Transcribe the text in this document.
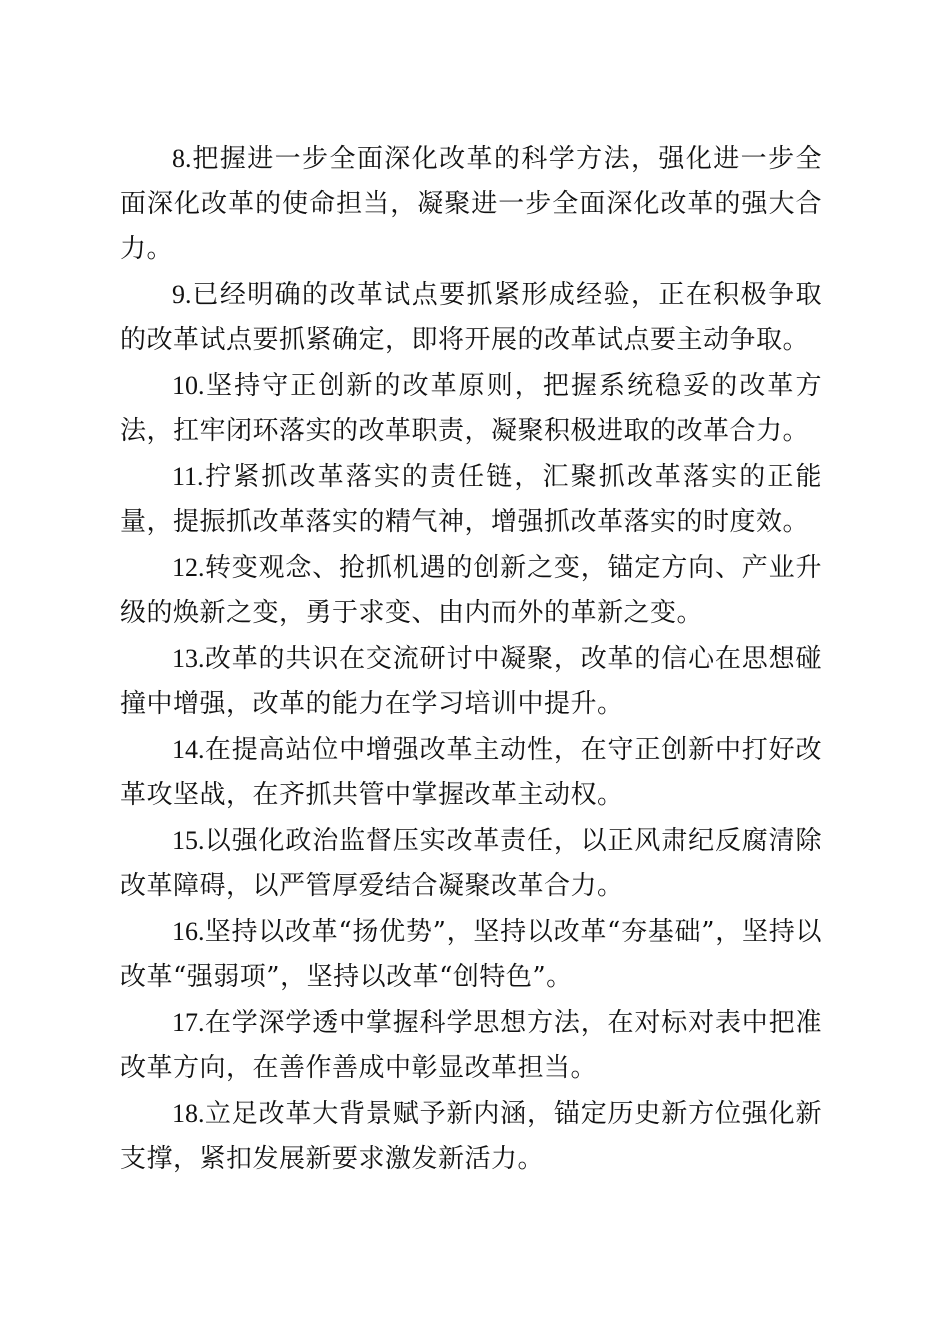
8.把握进一步全面深化改革的科学方法，强化进一步全面深化改革的使命担当，凝聚进一步全面深化改革的强大合力。

9.已经明确的改革试点要抓紧形成经验，正在积极争取的改革试点要抓紧确定，即将开展的改革试点要主动争取。

10.坚持守正创新的改革原则，把握系统稳妥的改革方法，扛牢闭环落实的改革职责，凝聚积极进取的改革合力。

11.拧紧抓改革落实的责任链，汇聚抓改革落实的正能量，提振抓改革落实的精气神，增强抓改革落实的时度效。

12.转变观念、抢抓机遇的创新之变，锚定方向、产业升级的焕新之变，勇于求变、由内而外的革新之变。

13.改革的共识在交流研讨中凝聚，改革的信心在思想碰撞中增强，改革的能力在学习培训中提升。

14.在提高站位中增强改革主动性，在守正创新中打好改革攻坚战，在齐抓共管中掌握改革主动权。

15.以强化政治监督压实改革责任，以正风肃纪反腐清除改革障碍，以严管厚爱结合凝聚改革合力。

16.坚持以改革“扬优势”，坚持以改革“夯基础”，坚持以改革“强弱项”，坚持以改革“创特色”。

17.在学深学透中掌握科学思想方法，在对标对表中把准改革方向，在善作善成中彰显改革担当。

18.立足改革大背景赋予新内涵，锚定历史新方位强化新支撑，紧扣发展新要求激发新活力。
